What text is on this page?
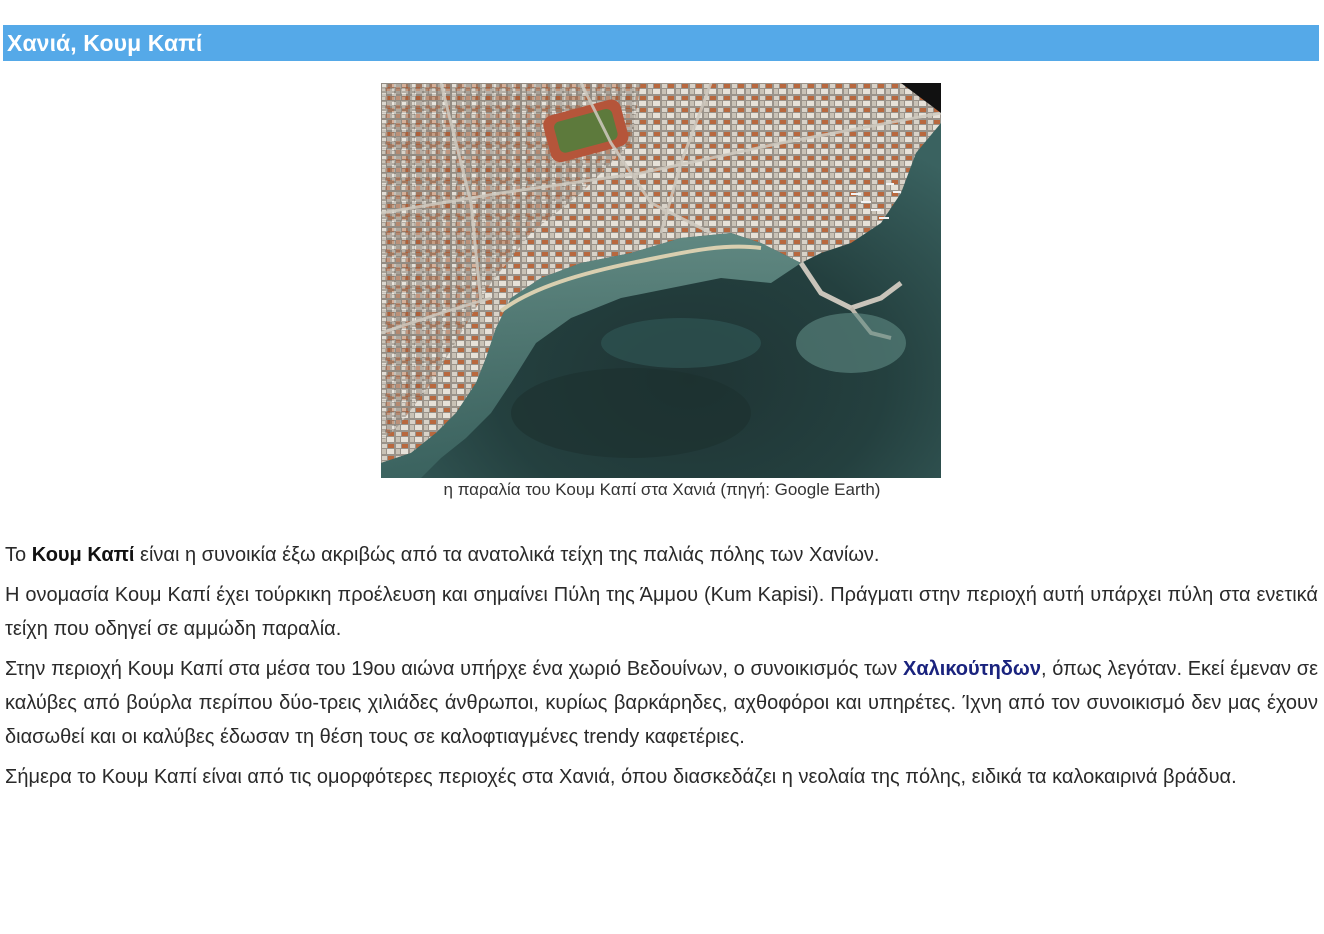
Χανιά, Κουμ Καπί
η παραλία του Κουμ Καπί στα Χανιά (πηγή: Google Earth)

Το Κουμ Καπί είναι η συνοικία έξω ακριβώς από τα ανατολικά τείχη της παλιάς πόλης των Χανίων.

Η ονομασία Κουμ Καπί έχει τούρκικη προέλευση και σημαίνει Πύλη της Άμμου (Kum Kapisi). Πράγματι στην περιοχή αυτή υπάρχει πύλη στα ενετικά τείχη που οδηγεί σε αμμώδη παραλία.

Στην περιοχή Κουμ Καπί στα μέσα του 19ου αιώνα υπήρχε ένα χωριό Βεδουίνων, ο συνοικισμός των Χαλικούτηδων, όπως λεγόταν. Εκεί έμεναν σε καλύβες από βούρλα περίπου δύο-τρεις χιλιάδες άνθρωποι, κυρίως βαρκάρηδες, αχθοφόροι και υπηρέτες. Ίχνη από τον συνοικισμό δεν μας έχουν διασωθεί και οι καλύβες έδωσαν τη θέση τους σε καλοφτιαγμένες trendy καφετέριες.

Σήμερα το Κουμ Καπί είναι από τις ομορφότερες περιοχές στα Χανιά, όπου διασκεδάζει η νεολαία της πόλης, ειδικά τα καλοκαιρινά βράδυα.
